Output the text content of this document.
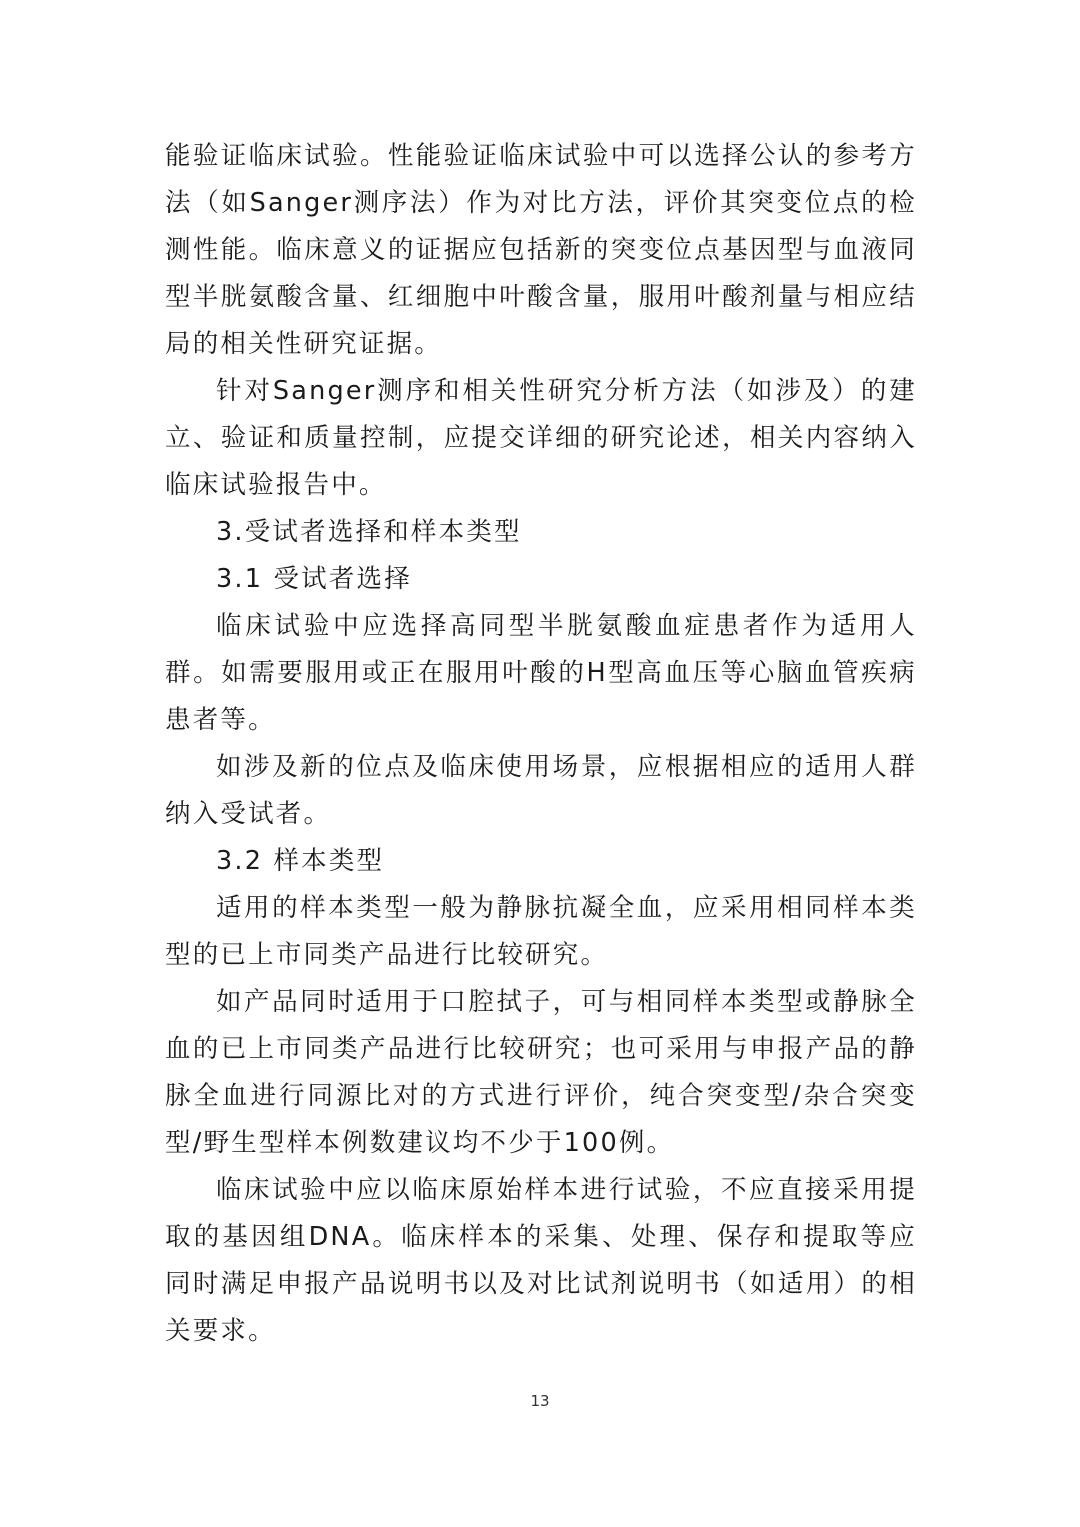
能验证临床试验。性能验证临床试验中可以选择公认的参考方法（如Sanger测序法）作为对比方法，评价其突变位点的检测性能。临床意义的证据应包括新的突变位点基因型与血液同型半胱氨酸含量、红细胞中叶酸含量，服用叶酸剂量与相应结局的相关性研究证据。

针对Sanger测序和相关性研究分析方法（如涉及）的建立、验证和质量控制，应提交详细的研究论述，相关内容纳入临床试验报告中。

3.受试者选择和样本类型

3.1 受试者选择

临床试验中应选择高同型半胱氨酸血症患者作为适用人群。如需要服用或正在服用叶酸的H型高血压等心脑血管疾病患者等。

如涉及新的位点及临床使用场景，应根据相应的适用人群纳入受试者。

3.2 样本类型

适用的样本类型一般为静脉抗凝全血，应采用相同样本类型的已上市同类产品进行比较研究。

如产品同时适用于口腔拭子，可与相同样本类型或静脉全血的已上市同类产品进行比较研究；也可采用与申报产品的静脉全血进行同源比对的方式进行评价，纯合突变型/杂合突变型/野生型样本例数建议均不少于100例。

临床试验中应以临床原始样本进行试验，不应直接采用提取的基因组DNA。临床样本的采集、处理、保存和提取等应同时满足申报产品说明书以及对比试剂说明书（如适用）的相关要求。

13
